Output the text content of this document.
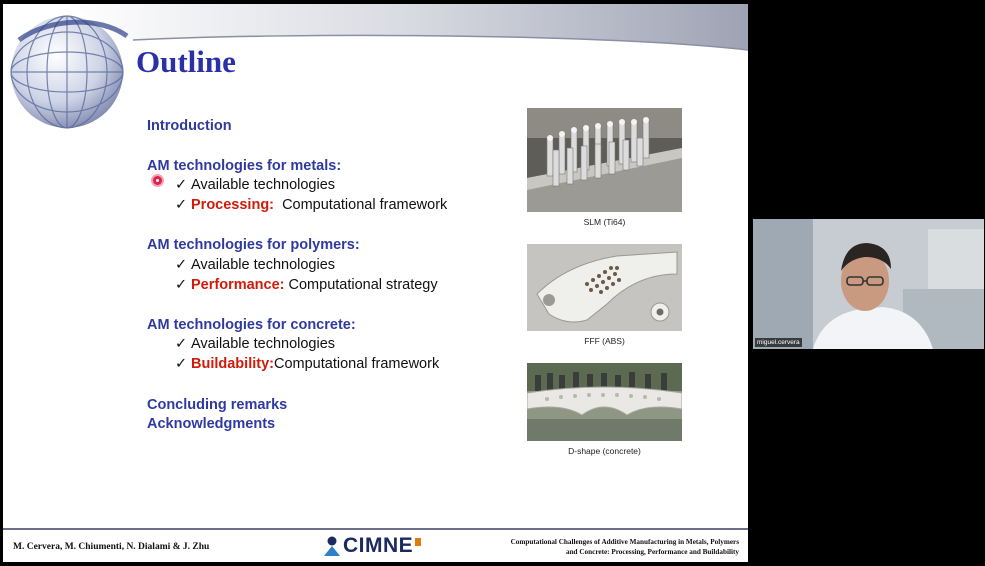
Outline
Introduction
AM technologies for metals:
✓ Available technologies
✓ Processing: Computational framework
AM technologies for polymers:
✓ Available technologies
✓ Performance: Computational strategy
AM technologies for concrete:
✓ Available technologies
✓ Buildability:Computational framework
Concluding remarks
Acknowledgments
SLM (Ti64)
FFF (ABS)
D-shape (concrete)
M. Cervera, M. Chiumenti, N. Dialami & J. Zhu	CIMNE	Computational Challenges of Additive Manufacturing in Metals, Polymers
and Concrete: Processing, Performance and Buildability
miguel.cervera
